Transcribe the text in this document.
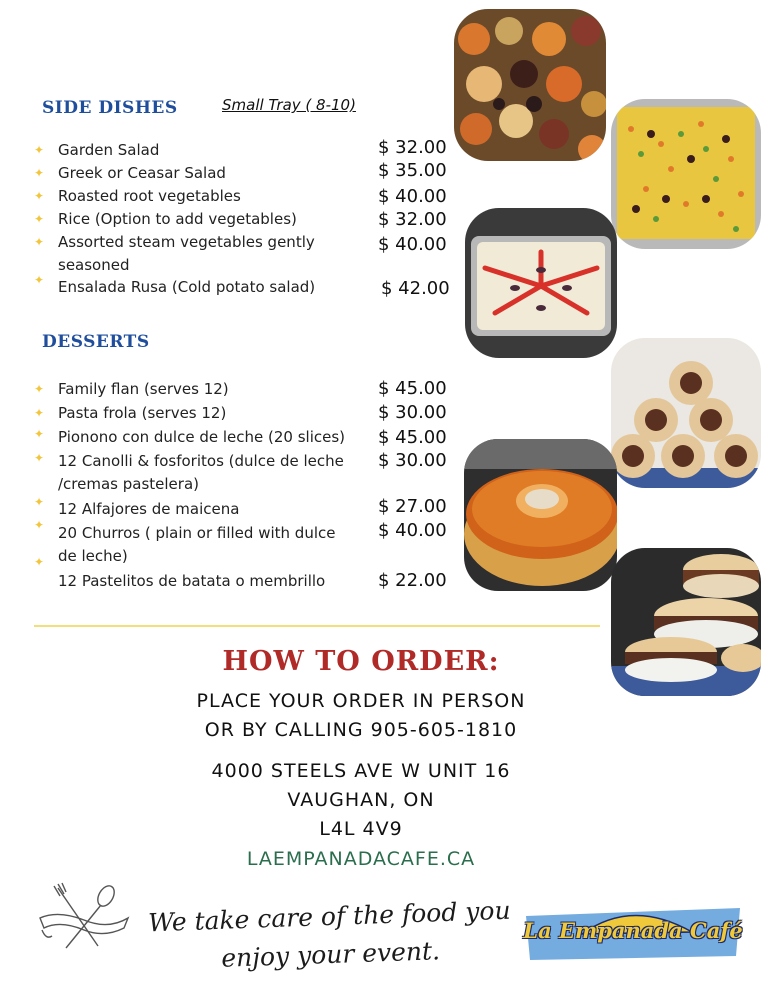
SIDE DISHES	Small Tray ( 8-10)
✦ Garden Salad	$ 32.00
✦ Greek or Ceasar Salad	$ 35.00
✦ Roasted root vegetables	$ 40.00
✦ Rice (Option to add vegetables)	$ 32.00
✦ Assorted steam vegetables gently seasoned
$ 40.00
✦ Ensalada Rusa (Cold potato salad)	$ 42.00
DESSERTS
✦ Family flan (serves 12)	$ 45.00
✦ Pasta frola (serves 12)	$ 30.00
✦ Pionono con dulce de leche (20 slices)	$ 45.00
✦ 12 Canolli & fosforitos (dulce de leche /cremas pastelera)
$ 30.00
✦ 12 Alfajores de maicena	$ 27.00
✦ 20 Churros ( plain or filled with dulce de leche)
$ 40.00
✦
12 Pastelitos de batata o membrillo	$ 22.00
HOW TO ORDER:
PLACE YOUR ORDER IN PERSON
OR BY CALLING 905-605-1810
4000 STEELS AVE W UNIT 16
VAUGHAN, ON
L4L 4V9
LAEMPANADACAFE.CA
We take care of the food you enjoy your event.
La Empanada Café
